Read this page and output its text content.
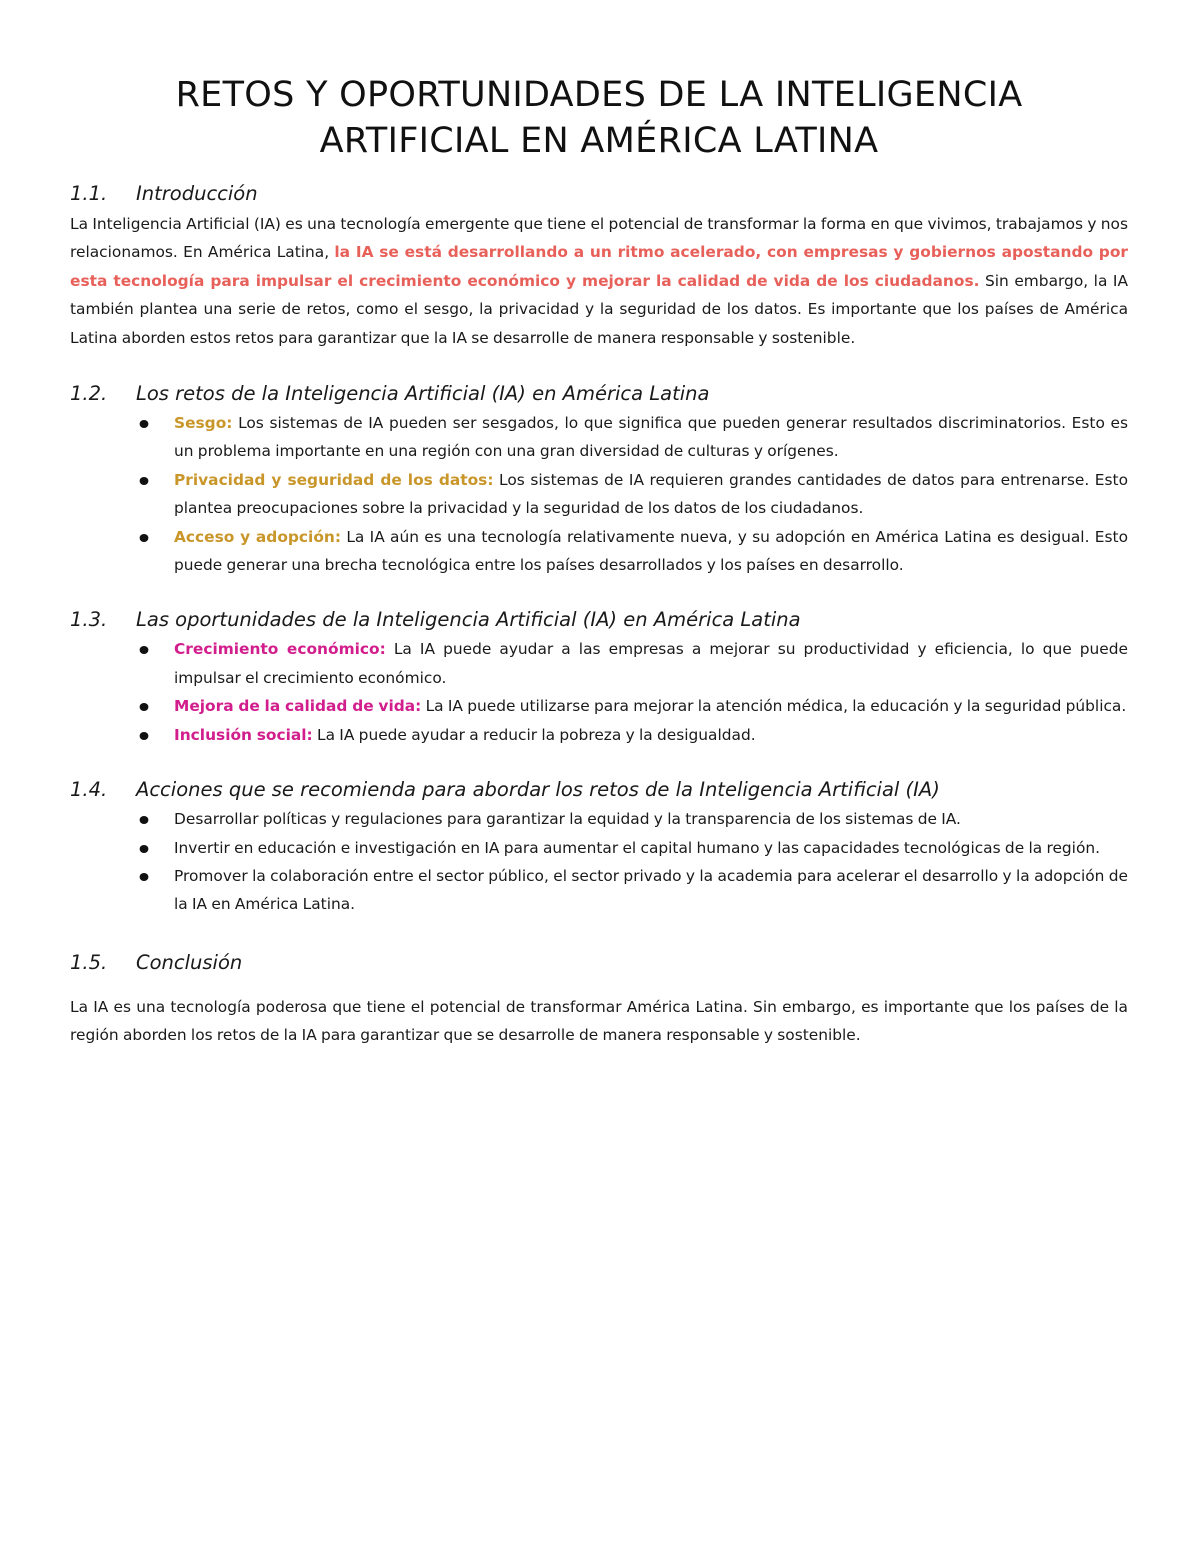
RETOS Y OPORTUNIDADES DE LA INTELIGENCIA
ARTIFICIAL EN AMÉRICA LATINA
1.1.	Introducción

La Inteligencia Artificial (IA) es una tecnología emergente que tiene el potencial de transformar la forma en que vivimos, trabajamos y nos relacionamos. En América Latina, la IA se está desarrollando a un ritmo acelerado, con empresas y gobiernos apostando por esta tecnología para impulsar el crecimiento económico y mejorar la calidad de vida de los ciudadanos. Sin embargo, la IA también plantea una serie de retos, como el sesgo, la privacidad y la seguridad de los datos. Es importante que los países de América Latina aborden estos retos para garantizar que la IA se desarrolle de manera responsable y sostenible.

1.2.	Los retos de la Inteligencia Artificial (IA) en América Latina
Sesgo: Los sistemas de IA pueden ser sesgados, lo que significa que pueden generar resultados discriminatorios. Esto es un problema importante en una región con una gran diversidad de culturas y orígenes.
Privacidad y seguridad de los datos: Los sistemas de IA requieren grandes cantidades de datos para entrenarse. Esto plantea preocupaciones sobre la privacidad y la seguridad de los datos de los ciudadanos.
Acceso y adopción: La IA aún es una tecnología relativamente nueva, y su adopción en América Latina es desigual. Esto puede generar una brecha tecnológica entre los países desarrollados y los países en desarrollo.
1.3.	Las oportunidades de la Inteligencia Artificial (IA) en América Latina
Crecimiento económico: La IA puede ayudar a las empresas a mejorar su productividad y eficiencia, lo que puede impulsar el crecimiento económico.
Mejora de la calidad de vida: La IA puede utilizarse para mejorar la atención médica, la educación y la seguridad pública.
Inclusión social: La IA puede ayudar a reducir la pobreza y la desigualdad.
1.4.	Acciones que se recomienda para abordar los retos de la Inteligencia Artificial (IA)
Desarrollar políticas y regulaciones para garantizar la equidad y la transparencia de los sistemas de IA.
Invertir en educación e investigación en IA para aumentar el capital humano y las capacidades tecnológicas de la región.
Promover la colaboración entre el sector público, el sector privado y la academia para acelerar el desarrollo y la adopción de la IA en América Latina.
1.5.	Conclusión

La IA es una tecnología poderosa que tiene el potencial de transformar América Latina. Sin embargo, es importante que los países de la región aborden los retos de la IA para garantizar que se desarrolle de manera responsable y sostenible.
